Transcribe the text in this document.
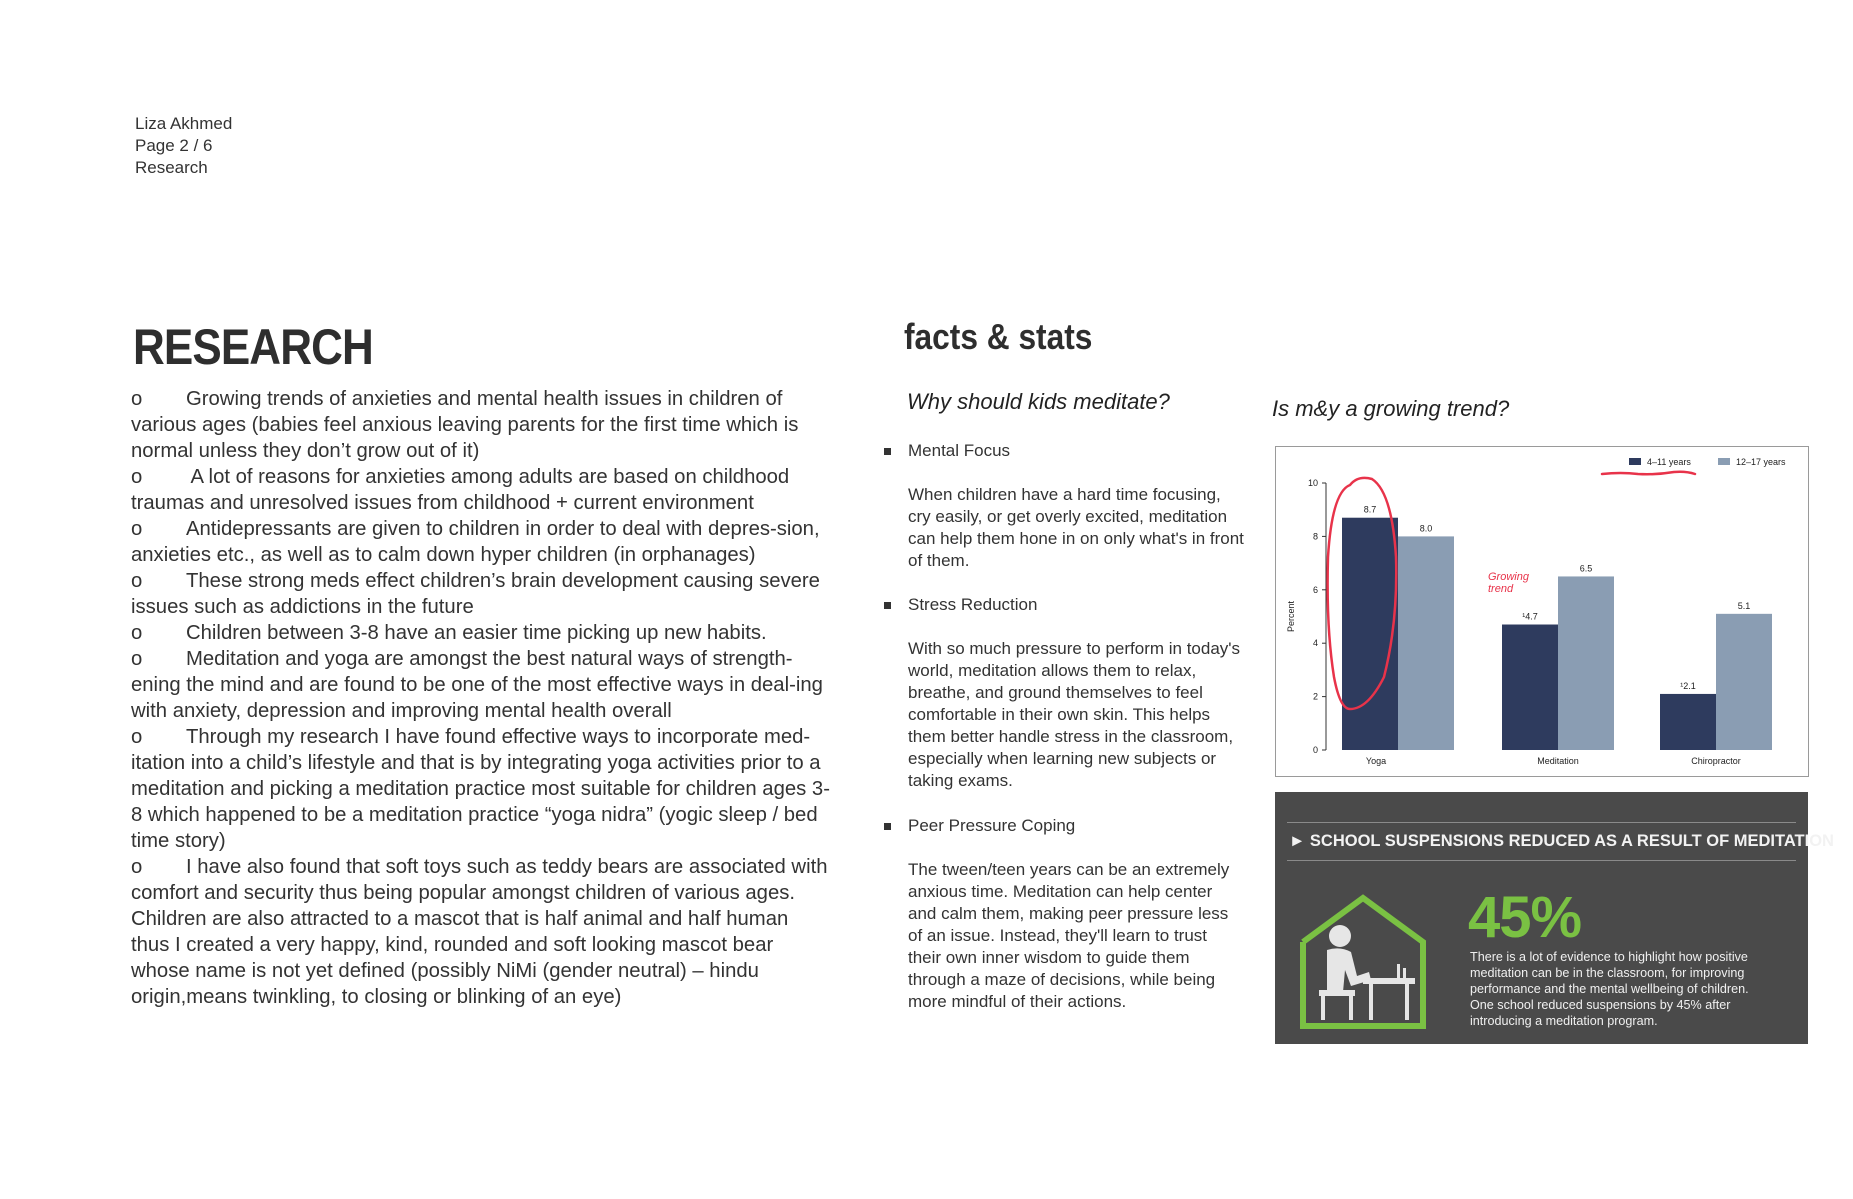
Liza Akhmed
Page 2 / 6
Research
RESEARCH

o Growing trends of anxieties and mental health issues in children of various ages (babies feel anxious leaving parents for the first time which is normal unless they don’t grow out of it)

o A lot of reasons for anxieties among adults are based on childhood traumas and unresolved issues from childhood + current environment

o Antidepressants are given to children in order to deal with depres-sion, anxieties etc., as well as to calm down hyper children (in orphanages)

o These strong meds effect children’s brain development causing severe issues such as addictions in the future

o Children between 3-8 have an easier time picking up new habits.

o Meditation and yoga are amongst the best natural ways of strength-ening the mind and are found to be one of the most effective ways in deal-ing with anxiety, depression and improving mental health overall

o Through my research I have found effective ways to incorporate med-itation into a child’s lifestyle and that is by integrating yoga activities prior to a meditation and picking a meditation practice most suitable for children ages 3-8 which happened to be a meditation practice “yoga nidra” (yogic sleep / bed time story)

o I have also found that soft toys such as teddy bears are associated with comfort and security thus being popular amongst children of various ages. Children are also attracted to a mascot that is half animal and half human thus I created a very happy, kind, rounded and soft looking mascot bear whose name is not yet defined (possibly NiMi (gender neutral) – hindu origin,means twinkling, to closing or blinking of an eye)

facts & stats
Why should kids meditate?
Mental Focus
When children have a hard time focusing, cry easily, or get overly excited, meditation can help them hone in on only what's in front of them.
Stress Reduction
With so much pressure to perform in today's world, meditation allows them to relax, breathe, and ground themselves to feel comfortable in their own skin. This helps them better handle stress in the classroom, especially when learning new subjects or taking exams.
Peer Pressure Coping
The tween/teen years can be an extremely anxious time. Meditation can help center and calm them, making peer pressure less of an issue. Instead, they'll learn to trust their own inner wisdom to guide them through a maze of decisions, while being more mindful of their actions.
Is m&y a growing trend?
0
2
4
6
8
10
Percent
8.7
8.0
Yoga
¹4.7
6.5
Meditation
¹2.1
5.1
Chiropractor
4–11 years	12–17 years
Growing
trend
► SCHOOL SUSPENSIONS REDUCED AS A RESULT OF MEDITATION
45%
There is a lot of evidence to highlight how positive meditation can be in the classroom, for improving performance and the mental wellbeing of children. One school reduced suspensions by 45% after introducing a meditation program.
